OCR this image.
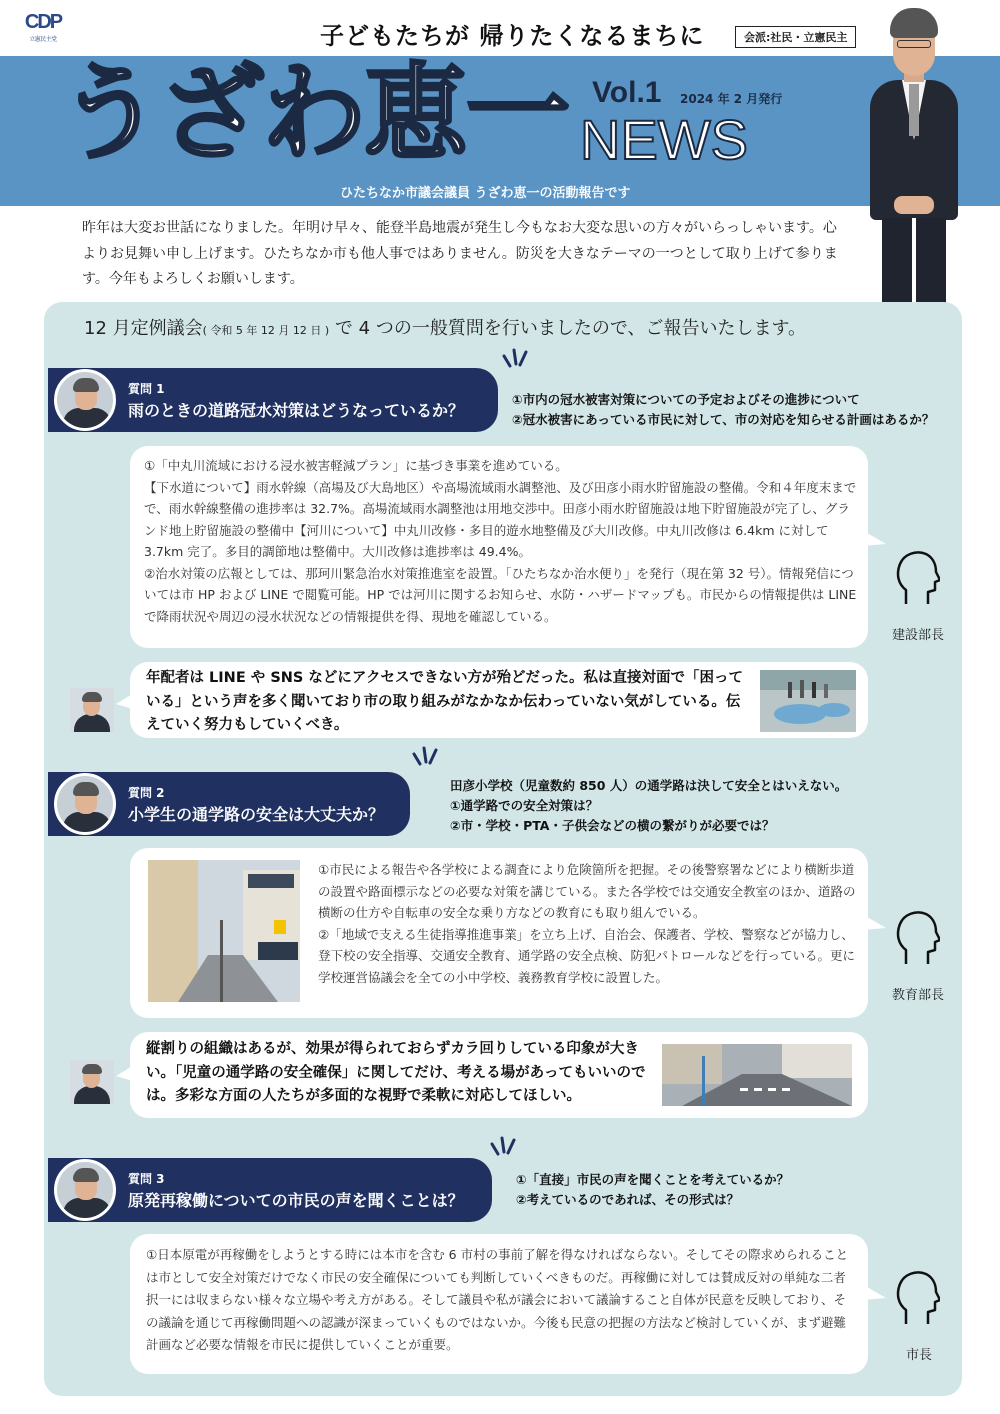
CDP
立憲民主党	子どもたちが 帰りたくなるまちに	会派:社民・立憲民主
うざわ恵一 Vol.1 2024 年 2 月発行
NEWS
ひたちなか市議会議員 うざわ恵一の活動報告です

昨年は大変お世話になりました。年明け早々、能登半島地震が発生し今もなお大変な思いの方々がいらっしゃいます。心よりお見舞い申し上げます。ひたちなか市も他人事ではありません。防災を大きなテーマの一つとして取り上げて参ります。今年もよろしくお願いします。

12 月定例議会( 令和 5 年 12 月 12 日 ) で 4 つの一般質問を行いましたので、ご報告いたします。
質問 1
雨のときの道路冠水対策はどうなっているか？
①市内の冠水被害対策についての予定およびその進捗について
②冠水被害にあっている市民に対して、市の対応を知らせる計画はあるか？
①「中丸川流域における浸水被害軽減プラン」に基づき事業を進めている。
【下水道について】雨水幹線（高場及び大島地区）や高場流域雨水調整池、及び田彦小雨水貯留施設の整備。令和４年度末までで、雨水幹線整備の進捗率は 32.7%。高場流域雨水調整池は用地交渉中。田彦小雨水貯留施設は地下貯留施設が完了し、グランド地上貯留施設の整備中【河川について】中丸川改修・多目的遊水地整備及び大川改修。中丸川改修は 6.4km に対して 3.7km 完了。多目的調節地は整備中。大川改修は進捗率は 49.4%。
②治水対策の広報としては、那珂川緊急治水対策推進室を設置。「ひたちなか治水便り」を発行（現在第 32 号）。情報発信については市 HP および LINE で閲覧可能。HP では河川に関するお知らせ、水防・ハザードマップも。市民からの情報提供は LINE で降雨状況や周辺の浸水状況などの情報提供を得、現地を確認している。
建設部長

年配者は LINE や SNS などにアクセスできない方が殆どだった。私は直接対面で「困っている」という声を多く聞いており市の取り組みがなかなか伝わっていない気がしている。伝えていく努力もしていくべき。

質問 2
小学生の通学路の安全は大丈夫か？
田彦小学校（児童数約 850 人）の通学路は決して安全とはいえない。
①通学路での安全対策は？
②市・学校・PTA・子供会などの横の繋がりが必要では？
①市民による報告や各学校による調査により危険箇所を把握。その後警察署などにより横断歩道の設置や路面標示などの必要な対策を講じている。また各学校では交通安全教室のほか、道路の横断の仕方や自転車の安全な乗り方などの教育にも取り組んでいる。
②「地域で支える生徒指導推進事業」を立ち上げ、自治会、保護者、学校、警察などが協力し、登下校の安全指導、交通安全教育、通学路の安全点検、防犯パトロールなどを行っている。更に学校運営協議会を全ての小中学校、義務教育学校に設置した。
教育部長

縦割りの組織はあるが、効果が得られておらずカラ回りしている印象が大きい。「児童の通学路の安全確保」に関してだけ、考える場があってもいいのでは。多彩な方面の人たちが多面的な視野で柔軟に対応してほしい。

質問 3
原発再稼働についての市民の声を聞くことは？
①「直接」市民の声を聞くことを考えているか？
②考えているのであれば、その形式は？
①日本原電が再稼働をしようとする時には本市を含む 6 市村の事前了解を得なければならない。そしてその際求められることは市として安全対策だけでなく市民の安全確保についても判断していくべきものだ。再稼働に対しては賛成反対の単純な二者択一には収まらない様々な立場や考え方がある。そして議員や私が議会において議論すること自体が民意を反映しており、その議論を通じて再稼働問題への認識が深まっていくものではないか。今後も民意の把握の方法など検討していくが、まず避難計画など必要な情報を市民に提供していくことが重要。
市長
